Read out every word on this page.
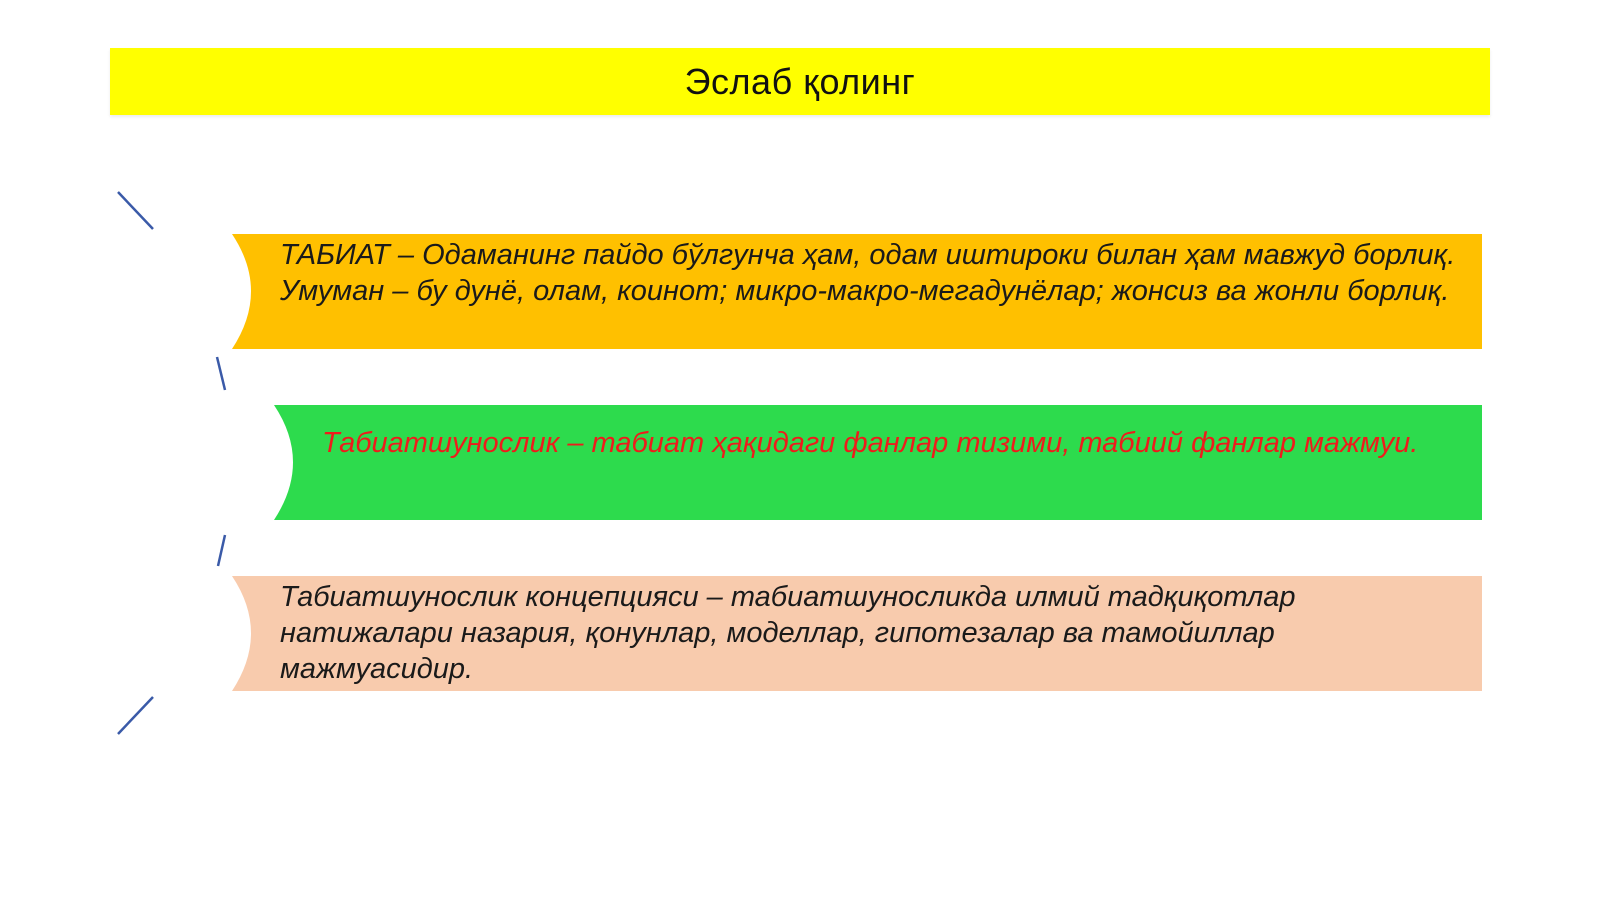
Эслаб қолинг
ТАБИАТ – Одаманинг пайдо бўлгунча ҳам, одам иштироки билан ҳам мавжуд борлиқ. Умуман – бу дунё, олам, коинот; микро-макро-мегадунёлар; жонсиз ва жонли борлиқ.
Табиатшунослик – табиат ҳақидаги фанлар тизими, табиий фанлар мажмуи.
Табиатшунослик концепцияси – табиатшуносликда илмий тадқиқотлар натижалари назария, қонунлар, моделлар, гипотезалар ва тамойиллар мажмуасидир.
